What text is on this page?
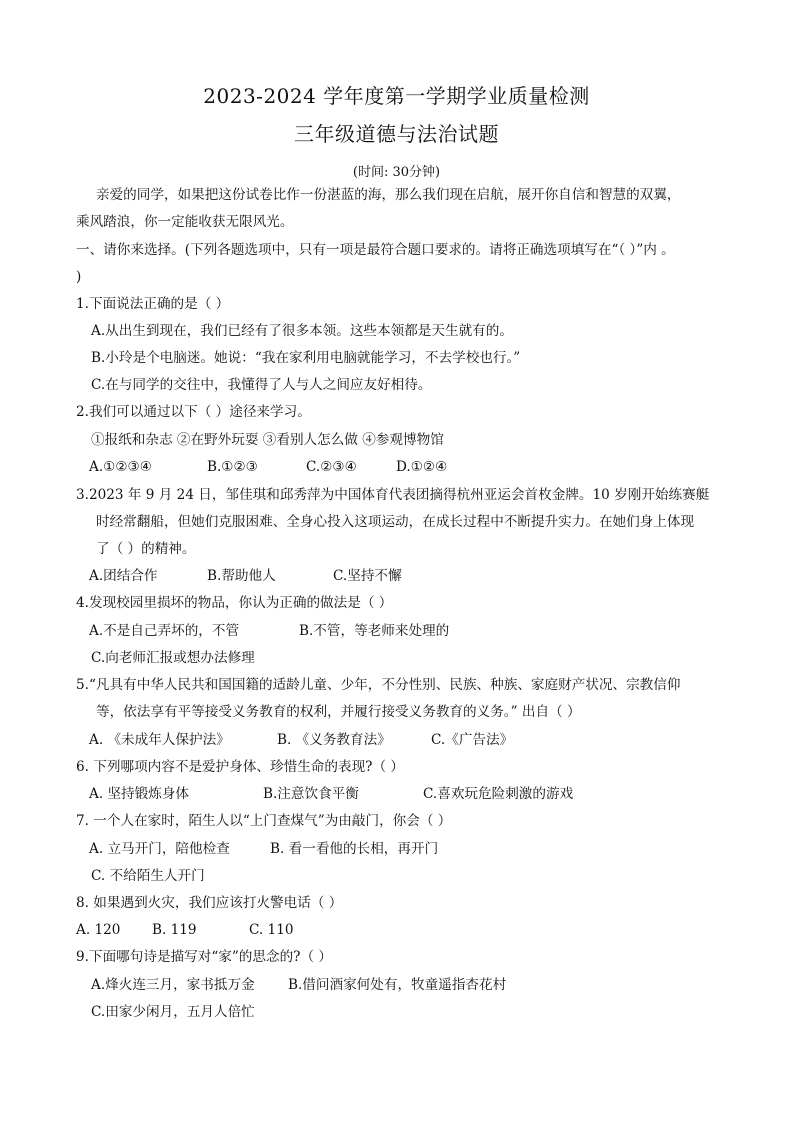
2023-2024 学年度第一学期学业质量检测
三年级道德与法治试题
(时间: 30分钟)
亲爱的同学，如果把这份试卷比作一份湛蓝的海，那么我们现在启航，展开你自信和智慧的双翼，
乘风踏浪，你一定能收获无限风光。
一、请你来选择。(下列各题选项中，只有一项是最符合题口要求的。请将正确选项填写在“（ ）”内 。
)
1.下面说法正确的是（ ）
A.从出生到现在，我们已经有了很多本领。这些本领都是天生就有的。
B.小玲是个电脑迷。她说：“我在家利用电脑就能学习，不去学校也行。”
C.在与同学的交往中，我懂得了人与人之间应友好相待。
2.我们可以通过以下（ ）途径来学习。
①报纸和杂志 ②在野外玩耍 ③看别人怎么做 ④参观博物馆
A.①②③④	B.①②③	C.②③④	D.①②④
3.2023 年 9 月 24 日，邹佳琪和邱秀萍为中国体育代表团摘得杭州亚运会首枚金牌。10 岁刚开始练赛艇
时经常翻船，但她们克服困难、全身心投入这项运动，在成长过程中不断提升实力。在她们身上体现
了（ ）的精神。
A.团结合作	B.帮助他人	C.坚持不懈
4.发现校园里损坏的物品，你认为正确的做法是（ ）
A.不是自己弄坏的，不管	B.不管，等老师来处理的
C.向老师汇报或想办法修理
5.“凡具有中华人民共和国国籍的适龄儿童、少年，不分性别、民族、种族、家庭财产状况、宗教信仰
等，依法享有平等接受义务教育的权利，并履行接受义务教育的义务。” 出自（ ）
A. 《未成年人保护法》	B. 《义务教育法》	C.《广告法》
6. 下列哪项内容不是爱护身体、珍惜生命的表现?（ ）
A. 坚持锻炼身体	B.注意饮食平衡	C.喜欢玩危险刺激的游戏
7. 一个人在家时，陌生人以“上门查煤气”为由敲门，你会（ ）
A. 立马开门，陪他检查	B. 看一看他的长相，再开门
C. 不给陌生人开门
8. 如果遇到火灾，我们应该打火警电话（ ）
A. 120 B. 119	C. 110
9.下面哪句诗是描写对“家”的思念的?（ ）
A.烽火连三月，家书抵万金 B.借问酒家何处有，牧童遥指杏花村
C.田家少闲月，五月人倍忙
